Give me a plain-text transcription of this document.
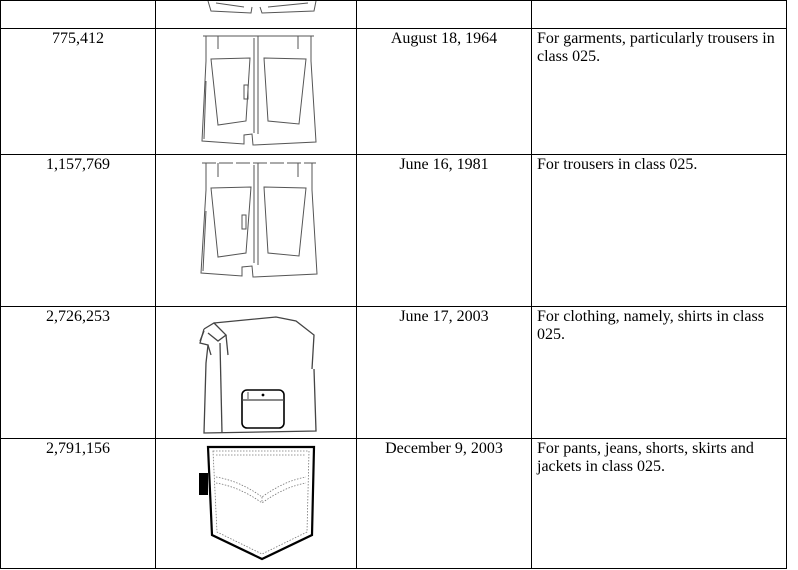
775,412		August 18, 1964	For garments, particularly trousers in class 025.

1,157,769		June 16, 1981	For trousers in class 025.

2,726,253		June 17, 2003	For clothing, namely, shirts in class 025.

2,791,156		December 9, 2003	For pants, jeans, shorts, skirts and jackets in class 025.
